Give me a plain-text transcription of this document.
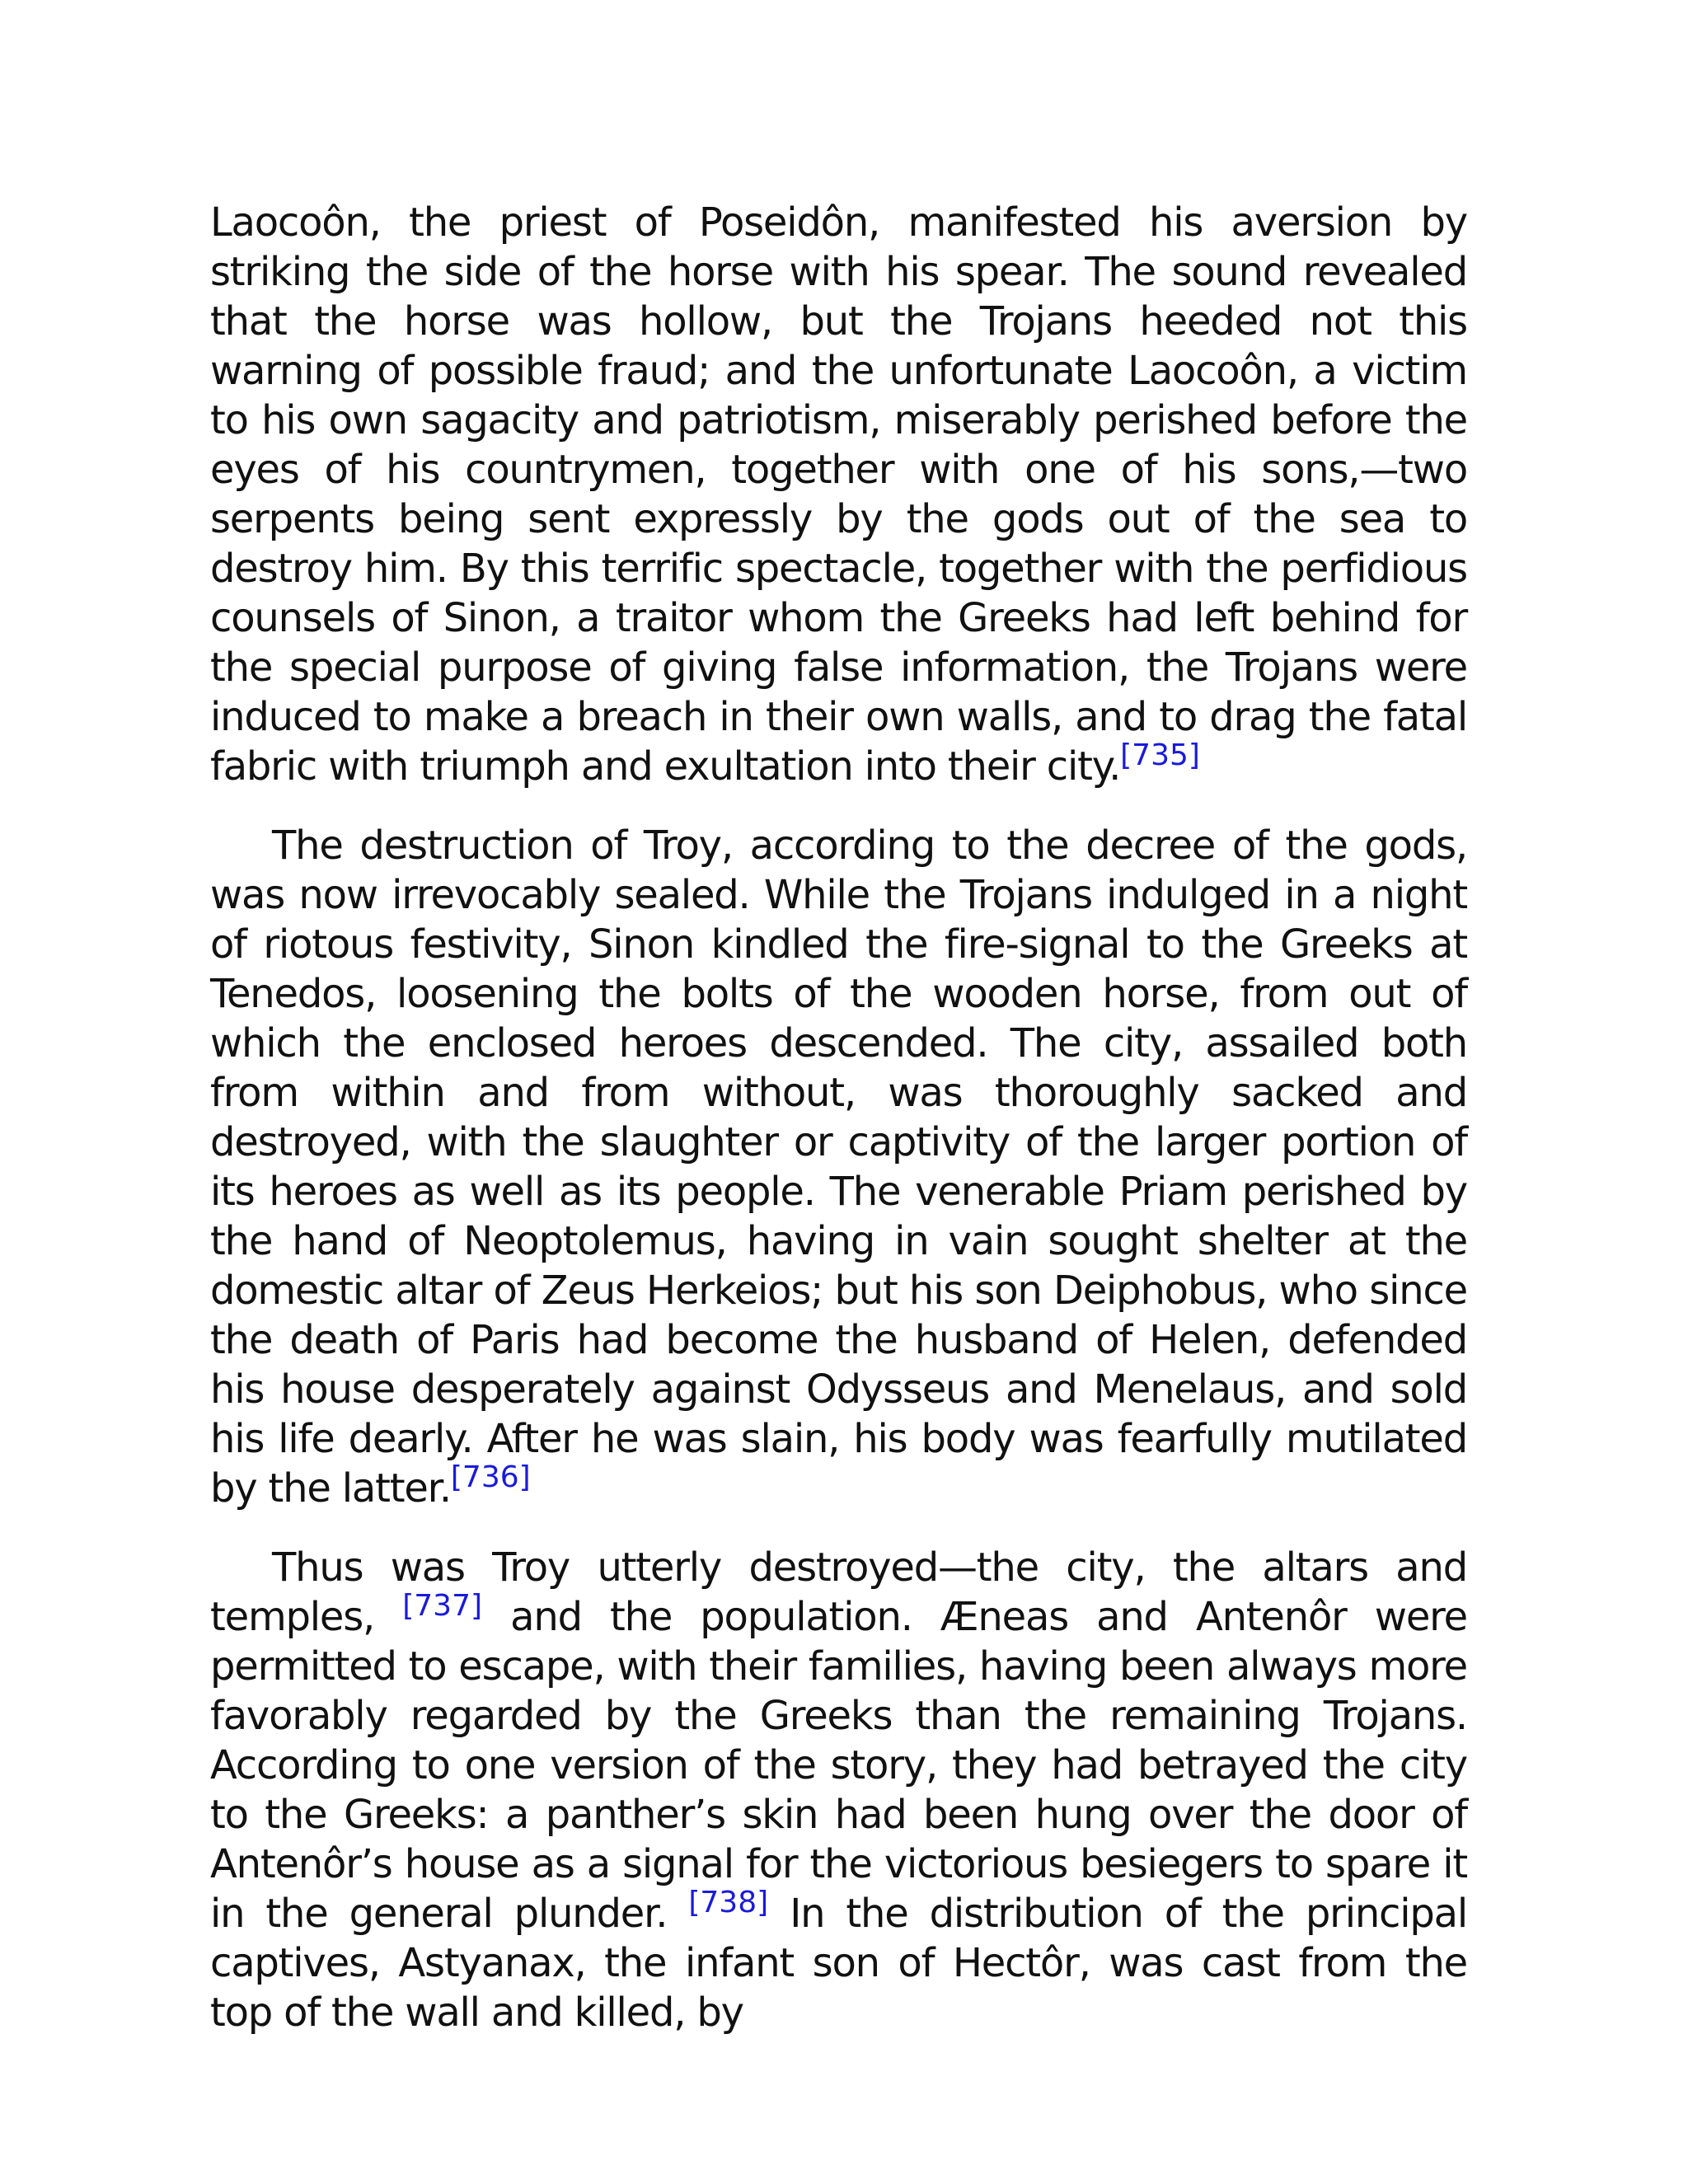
Laocoôn, the priest of Poseidôn, manifested his aversion by striking the side of the horse with his spear. The sound revealed that the horse was hollow, but the Trojans heeded not this warning of possible fraud; and the unfortunate Laocoôn, a victim to his own sagacity and patriotism, miserably perished before the eyes of his countrymen, together with one of his sons,—two serpents being sent expressly by the gods out of the sea to destroy him. By this terrific spectacle, together with the perfidious counsels of Sinon, a traitor whom the Greeks had left behind for the special purpose of giving false information, the Trojans were induced to make a breach in their own walls, and to drag the fatal fabric with triumph and exultation into their city.[735]

The destruction of Troy, according to the decree of the gods, was now irrevocably sealed. While the Trojans indulged in a night of riotous festivity, Sinon kindled the fire-signal to the Greeks at Tenedos, loosening the bolts of the wooden horse, from out of which the enclosed heroes descended. The city, assailed both from within and from without, was thoroughly sacked and destroyed, with the slaughter or captivity of the larger portion of its heroes as well as its people. The venerable Priam perished by the hand of Neoptolemus, having in vain sought shelter at the domestic altar of Zeus Herkeios; but his son Deiphobus, who since the death of Paris had become the husband of Helen, defended his house desperately against Odysseus and Menelaus, and sold his life dearly. After he was slain, his body was fearfully mutilated by the latter.[736]

Thus was Troy utterly destroyed—the city, the altars and temples, [737] and the population. Æneas and Antenôr were permitted to escape, with their families, having been always more favorably regarded by the Greeks than the remaining Trojans. According to one version of the story, they had betrayed the city to the Greeks: a panther’s skin had been hung over the door of Antenôr’s house as a signal for the victorious besiegers to spare it in the general plunder. [738] In the distribution of the principal captives, Astyanax, the infant son of Hectôr, was cast from the top of the wall and killed, by
